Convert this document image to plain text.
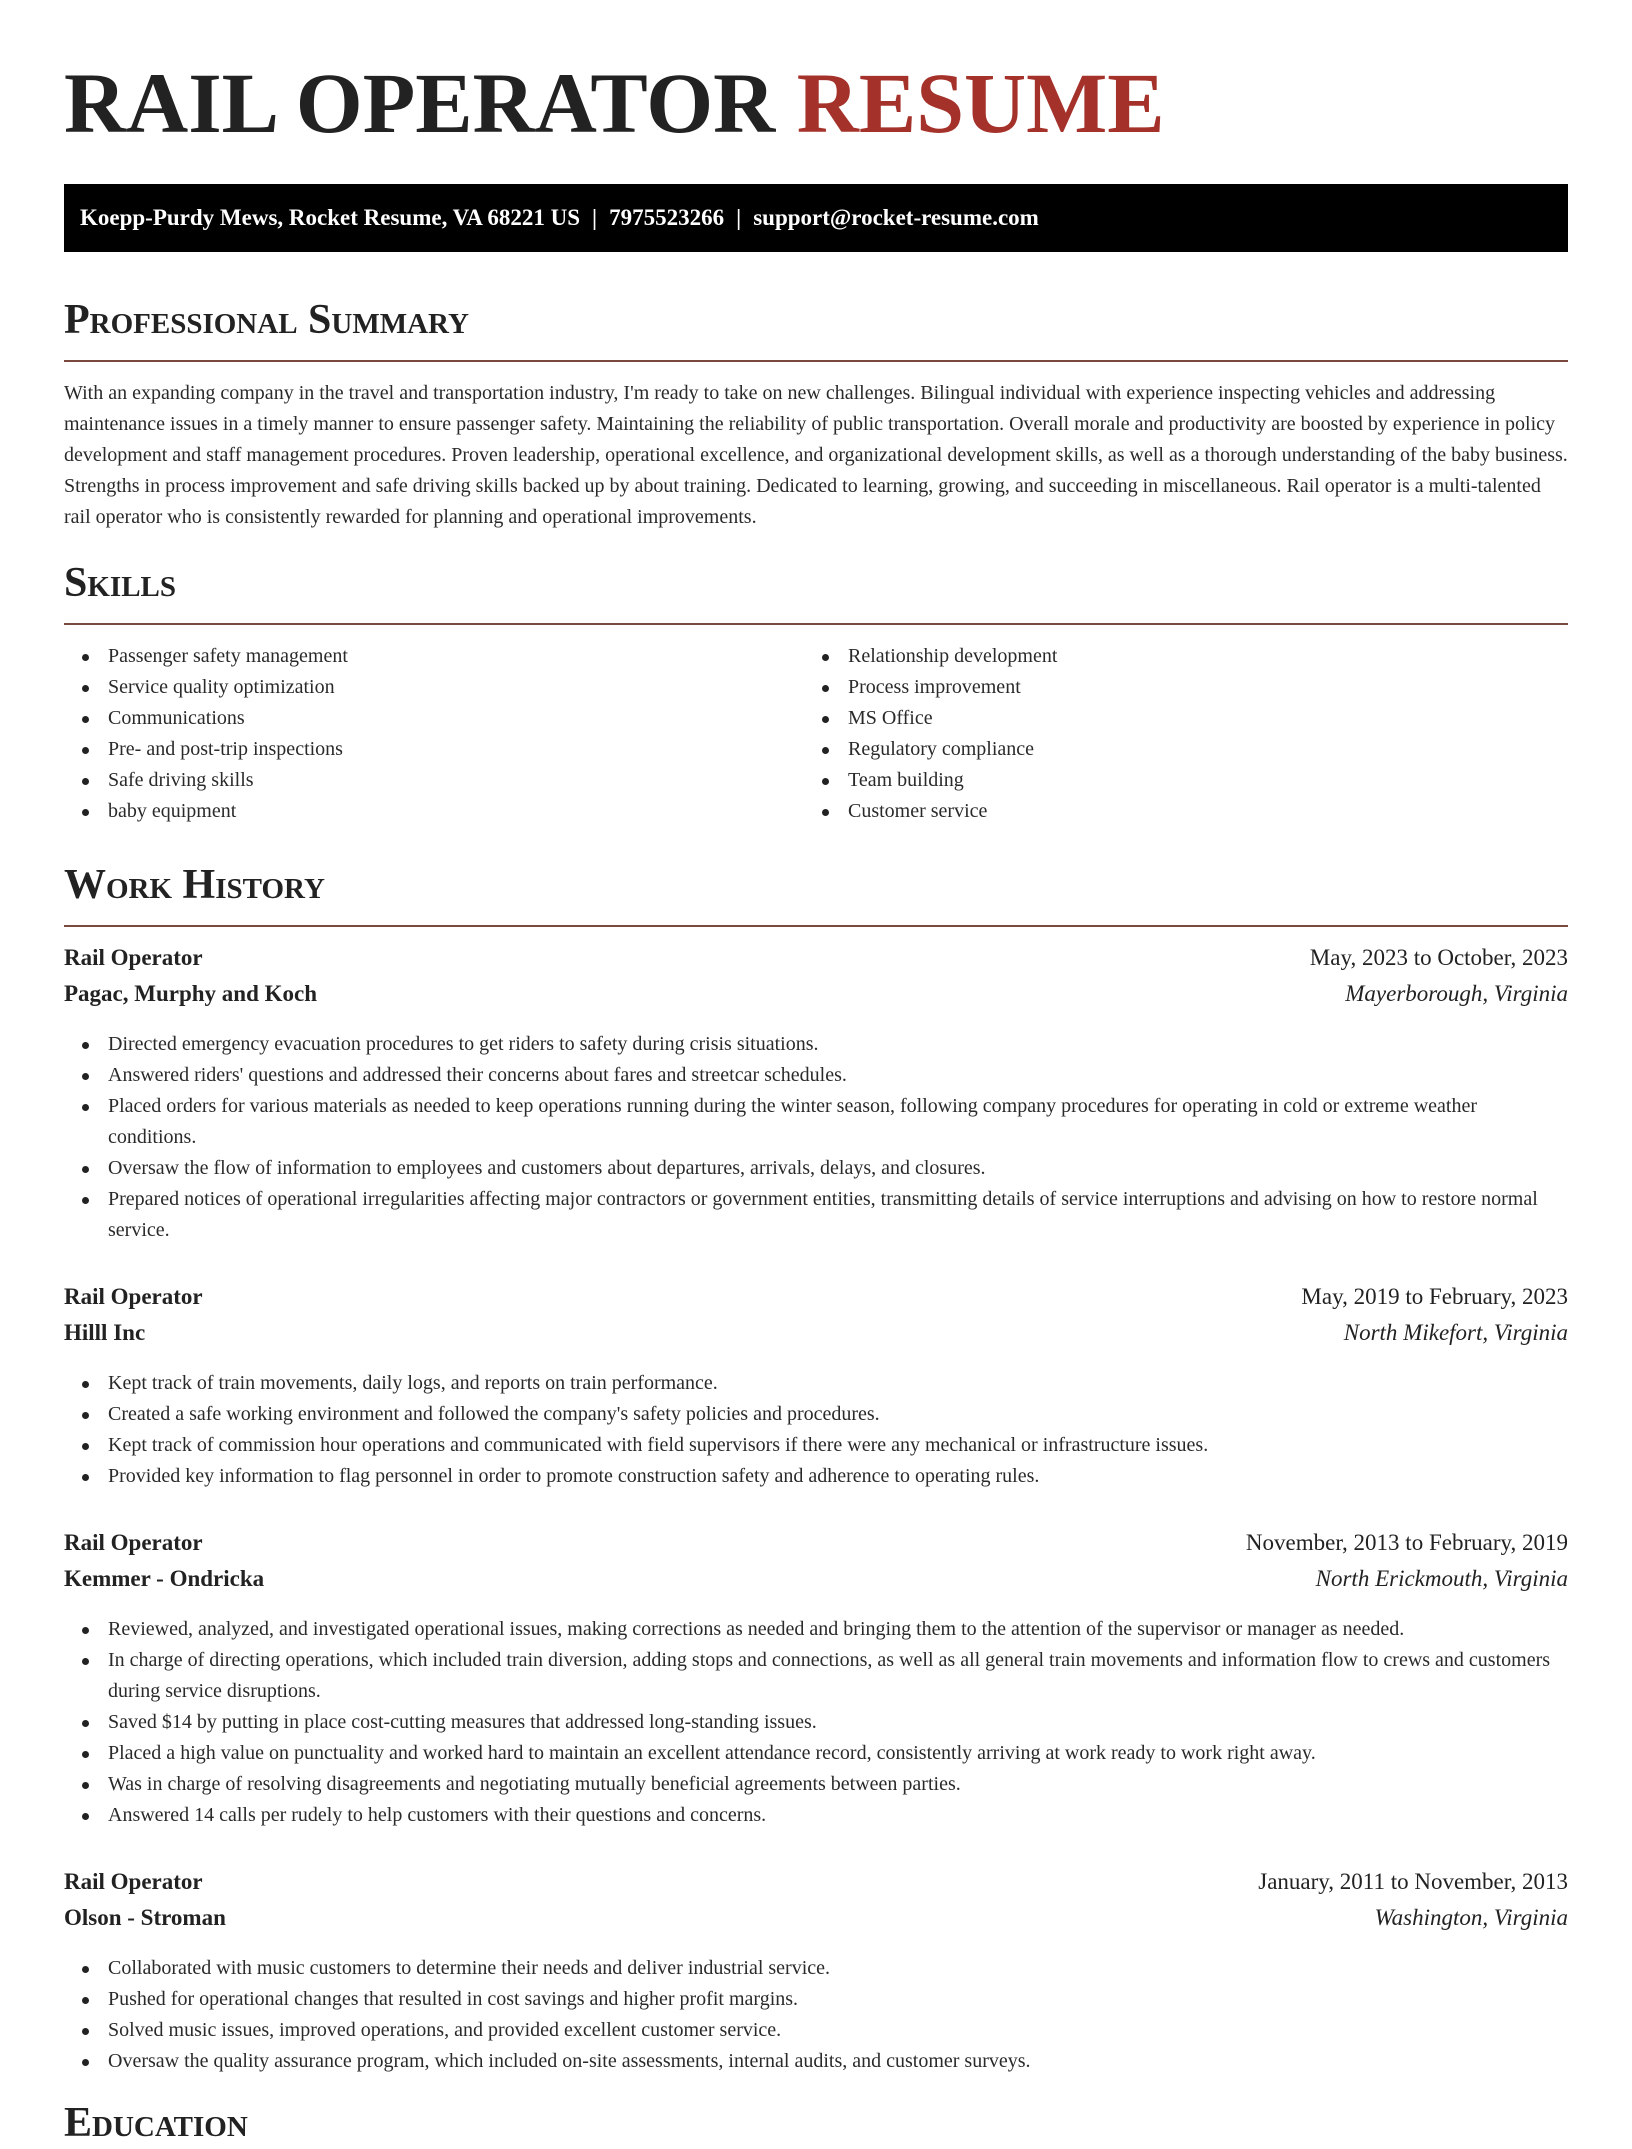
RAIL OPERATOR RESUME
Koepp-Purdy Mews, Rocket Resume, VA 68221 US | 7975523266 | support@rocket-resume.com
Professional Summary

With an expanding company in the travel and transportation industry, I'm ready to take on new challenges. Bilingual individual with experience inspecting vehicles and addressing maintenance issues in a timely manner to ensure passenger safety. Maintaining the reliability of public transportation. Overall morale and productivity are boosted by experience in policy development and staff management procedures. Proven leadership, operational excellence, and organizational development skills, as well as a thorough understanding of the baby business. Strengths in process improvement and safe driving skills backed up by about training. Dedicated to learning, growing, and succeeding in miscellaneous. Rail operator is a multi-talented rail operator who is consistently rewarded for planning and operational improvements.

Skills
Passenger safety management
Service quality optimization
Communications
Pre- and post-trip inspections
Safe driving skills
baby equipment
Relationship development
Process improvement
MS Office
Regulatory compliance
Team building
Customer service
Work History
Rail Operator	May, 2023 to October, 2023
Pagac, Murphy and Koch	Mayerborough, Virginia
Directed emergency evacuation procedures to get riders to safety during crisis situations.
Answered riders' questions and addressed their concerns about fares and streetcar schedules.
Placed orders for various materials as needed to keep operations running during the winter season, following company procedures for operating in cold or extreme weather conditions.
Oversaw the flow of information to employees and customers about departures, arrivals, delays, and closures.
Prepared notices of operational irregularities affecting major contractors or government entities, transmitting details of service interruptions and advising on how to restore normal service.
Rail Operator	May, 2019 to February, 2023
Hilll Inc	North Mikefort, Virginia
Kept track of train movements, daily logs, and reports on train performance.
Created a safe working environment and followed the company's safety policies and procedures.
Kept track of commission hour operations and communicated with field supervisors if there were any mechanical or infrastructure issues.
Provided key information to flag personnel in order to promote construction safety and adherence to operating rules.
Rail Operator	November, 2013 to February, 2019
Kemmer - Ondricka	North Erickmouth, Virginia
Reviewed, analyzed, and investigated operational issues, making corrections as needed and bringing them to the attention of the supervisor or manager as needed.
In charge of directing operations, which included train diversion, adding stops and connections, as well as all general train movements and information flow to crews and customers during service disruptions.
Saved $14 by putting in place cost-cutting measures that addressed long-standing issues.
Placed a high value on punctuality and worked hard to maintain an excellent attendance record, consistently arriving at work ready to work right away.
Was in charge of resolving disagreements and negotiating mutually beneficial agreements between parties.
Answered 14 calls per rudely to help customers with their questions and concerns.
Rail Operator	January, 2011 to November, 2013
Olson - Stroman	Washington, Virginia
Collaborated with music customers to determine their needs and deliver industrial service.
Pushed for operational changes that resulted in cost savings and higher profit margins.
Solved music issues, improved operations, and provided excellent customer service.
Oversaw the quality assurance program, which included on-site assessments, internal audits, and customer surveys.
Education
